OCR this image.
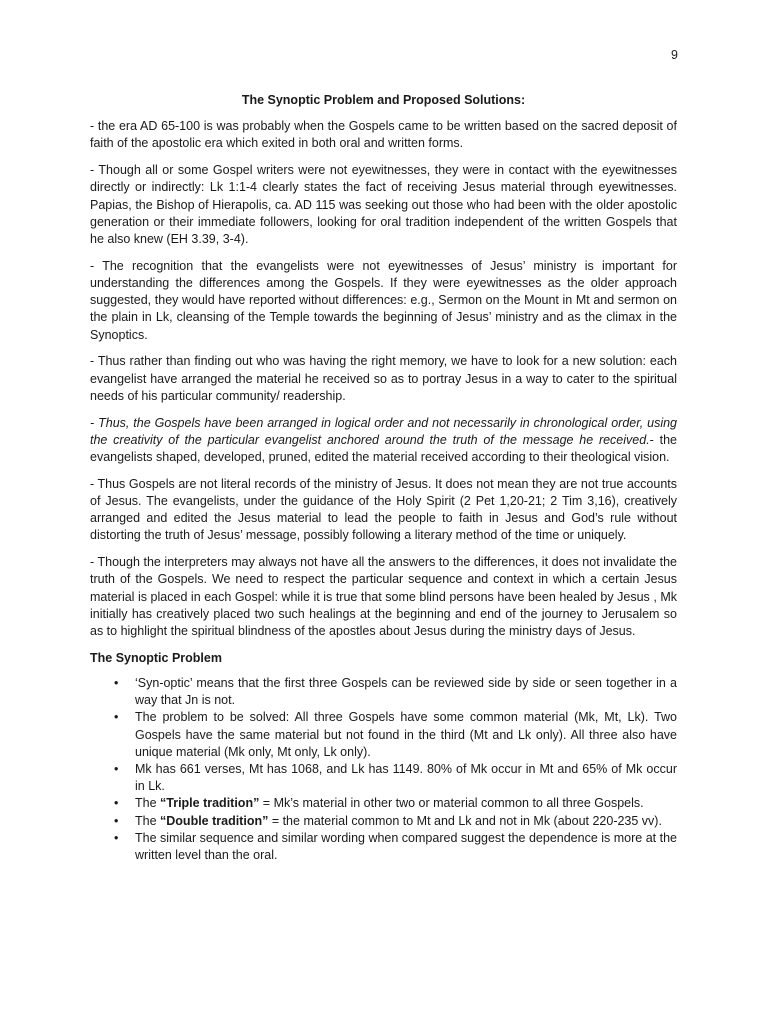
9
The Synoptic Problem and Proposed Solutions:

- the era AD 65-100 is was probably when the Gospels came to be written based on the sacred deposit of faith of the apostolic era which exited in both oral and written forms.

- Though all or some Gospel writers were not eyewitnesses, they were in contact with the eyewitnesses directly or indirectly: Lk 1:1-4 clearly states the fact of receiving Jesus material through eyewitnesses. Papias, the Bishop of Hierapolis, ca. AD 115 was seeking out those who had been with the older apostolic generation or their immediate followers, looking for oral tradition independent of the written Gospels that he also knew (EH 3.39, 3-4).

- The recognition that the evangelists were not eyewitnesses of Jesus’ ministry is important for understanding the differences among the Gospels. If they were eyewitnesses as the older approach suggested, they would have reported without differences: e.g., Sermon on the Mount in Mt and sermon on the plain in Lk, cleansing of the Temple towards the beginning of Jesus’ ministry and as the climax in the Synoptics.

- Thus rather than finding out who was having the right memory, we have to look for a new solution: each evangelist have arranged the material he received so as to portray Jesus in a way to cater to the spiritual needs of his particular community/ readership.

- Thus, the Gospels have been arranged in logical order and not necessarily in chronological order, using the creativity of the particular evangelist anchored around the truth of the message he received.- the evangelists shaped, developed, pruned, edited the material received according to their theological vision.

- Thus Gospels are not literal records of the ministry of Jesus. It does not mean they are not true accounts of Jesus. The evangelists, under the guidance of the Holy Spirit (2 Pet 1,20-21; 2 Tim 3,16), creatively arranged and edited the Jesus material to lead the people to faith in Jesus and God’s rule without distorting the truth of Jesus’ message, possibly following a literary method of the time or uniquely.

- Though the interpreters may always not have all the answers to the differences, it does not invalidate the truth of the Gospels. We need to respect the particular sequence and context in which a certain Jesus material is placed in each Gospel: while it is true that some blind persons have been healed by Jesus , Mk initially has creatively placed two such healings at the beginning and end of the journey to Jerusalem so as to highlight the spiritual blindness of the apostles about Jesus during the ministry days of Jesus.

The Synoptic Problem
• ‘Syn-optic’ means that the first three Gospels can be reviewed side by side or seen together in a way that Jn is not.
• The problem to be solved: All three Gospels have some common material (Mk, Mt, Lk). Two Gospels have the same material but not found in the third (Mt and Lk only). All three also have unique material (Mk only, Mt only, Lk only).
• Mk has 661 verses, Mt has 1068, and Lk has 1149. 80% of Mk occur in Mt and 65% of Mk occur in Lk.
• The “Triple tradition” = Mk’s material in other two or material common to all three Gospels.
• The “Double tradition” = the material common to Mt and Lk and not in Mk (about 220-235 vv).
• The similar sequence and similar wording when compared suggest the dependence is more at the written level than the oral.
